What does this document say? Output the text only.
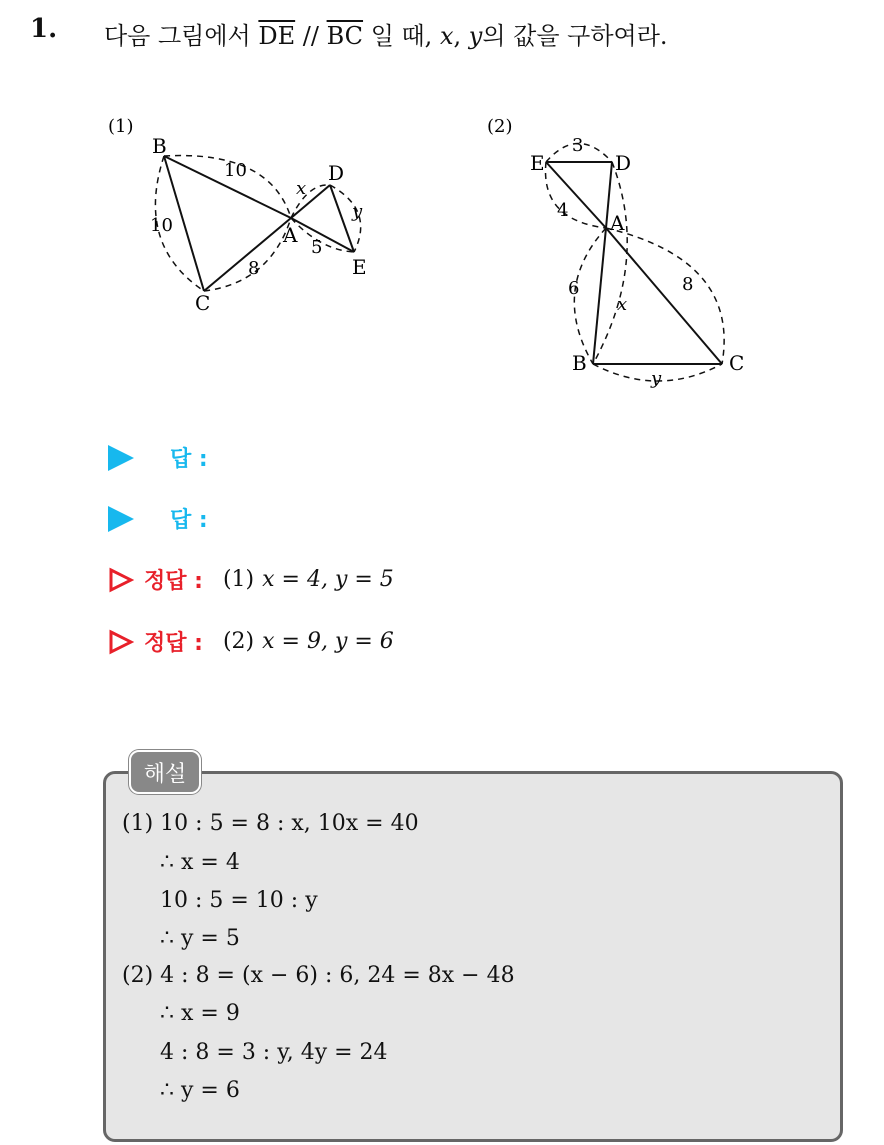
1. 다음 그림에서 $\overline{DE} // \overline{BC}$ 일 때, x, y의 값을 구하여라.
(1)
B
C
A
D
E
10
10
8
5
x
y
(2)
E	D
A
B	C
3
4
6	8
x
y
답 :
답 :
정답 : (1) x = 4, y = 5
정답 : (2) x = 9, y = 6
해설
(1) 10 : 5 = 8 : x, 10x = 40
∴ x = 4
10 : 5 = 10 : y
∴ y = 5
(2) 4 : 8 = (x − 6) : 6, 24 = 8x − 48
∴ x = 9
4 : 8 = 3 : y, 4y = 24
∴ y = 6
